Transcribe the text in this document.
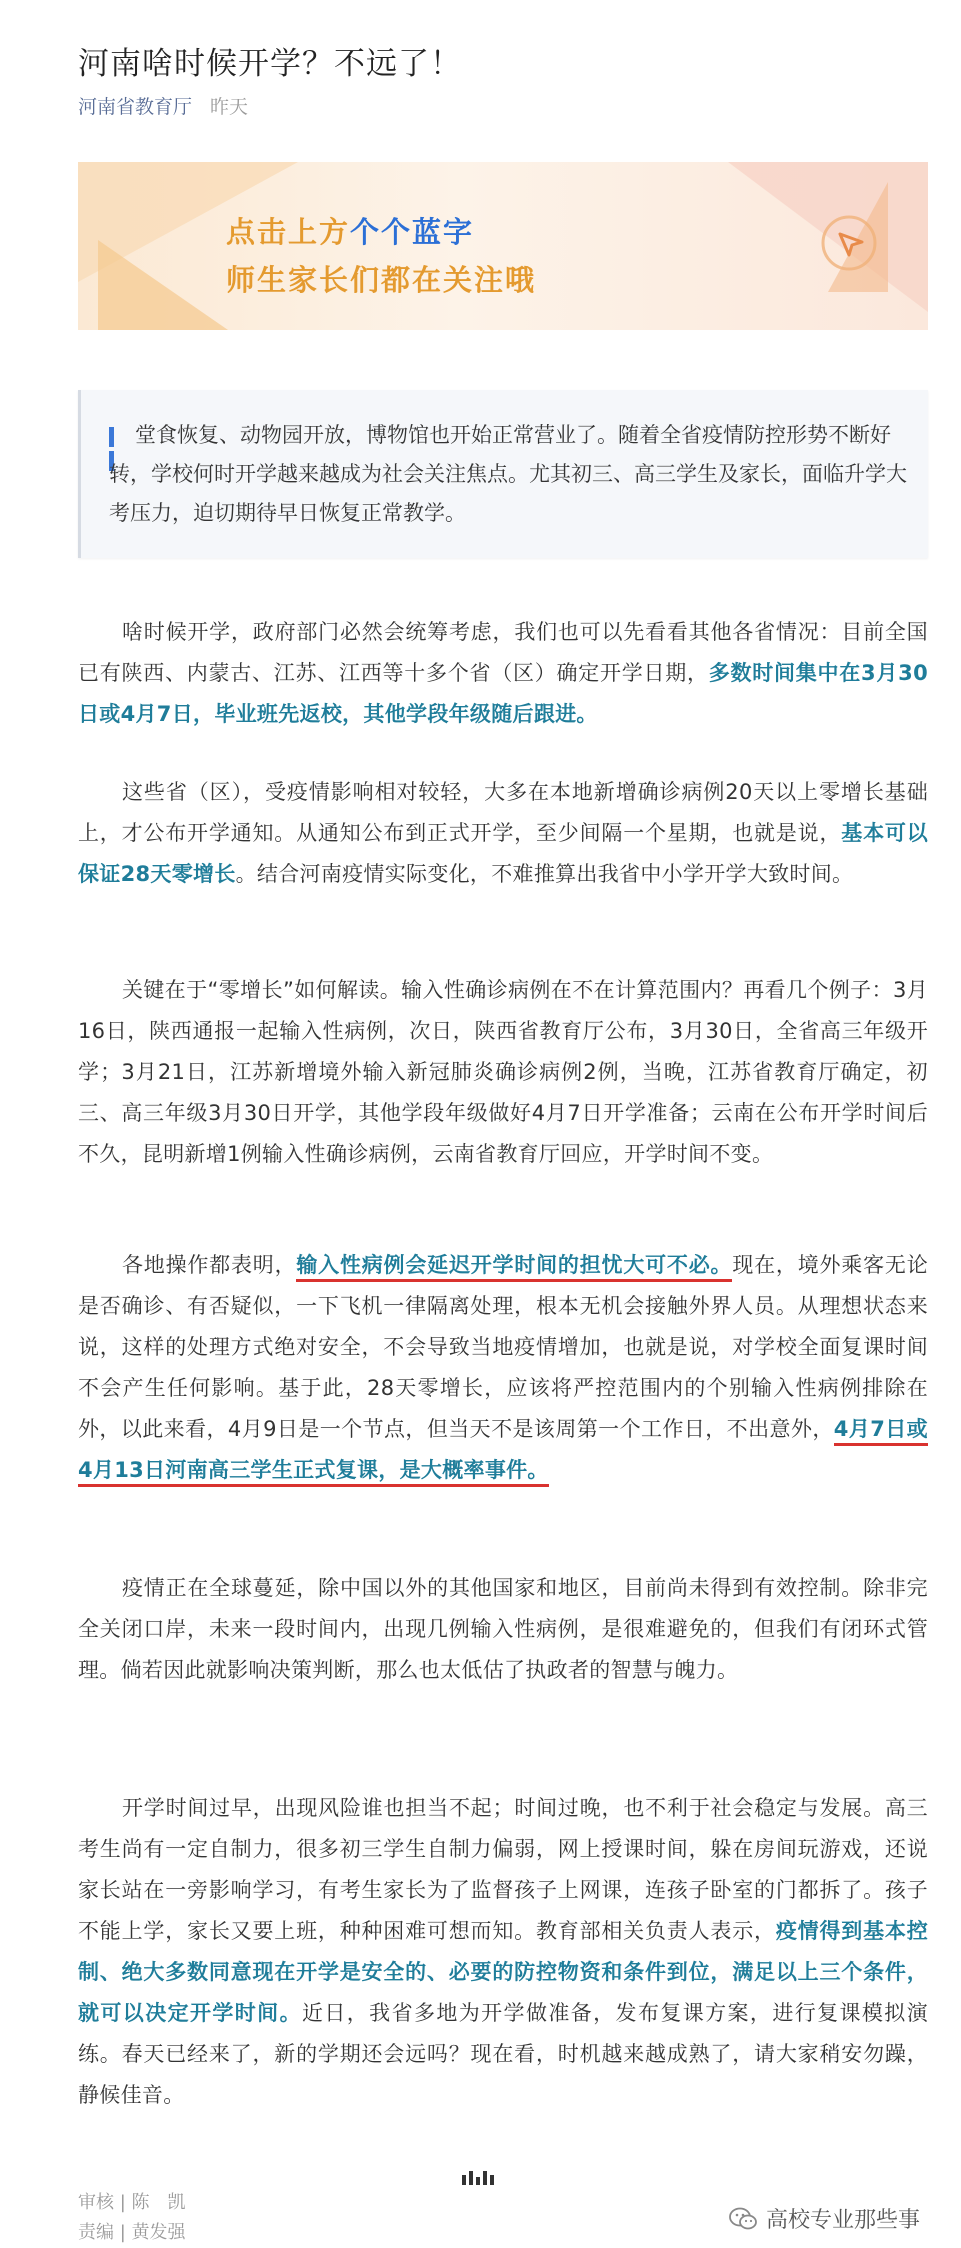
河南啥时候开学？不远了！
河南省教育厅 昨天
点击上方个个蓝字
师生家长们都在关注哦

堂食恢复、动物园开放，博物馆也开始正常营业了。随着全省疫情防控形势不断好转，学校何时开学越来越成为社会关注焦点。尤其初三、高三学生及家长，面临升学大考压力，迫切期待早日恢复正常教学。

啥时候开学，政府部门必然会统筹考虑，我们也可以先看看其他各省情况：目前全国已有陕西、内蒙古、江苏、江西等十多个省（区）确定开学日期，多数时间集中在3月30日或4月7日，毕业班先返校，其他学段年级随后跟进。

这些省（区），受疫情影响相对较轻，大多在本地新增确诊病例20天以上零增长基础上，才公布开学通知。从通知公布到正式开学，至少间隔一个星期，也就是说，基本可以保证28天零增长。结合河南疫情实际变化，不难推算出我省中小学开学大致时间。

关键在于“零增长”如何解读。输入性确诊病例在不在计算范围内？再看几个例子：3月16日，陕西通报一起输入性病例，次日，陕西省教育厅公布，3月30日，全省高三年级开学；3月21日，江苏新增境外输入新冠肺炎确诊病例2例，当晚，江苏省教育厅确定，初三、高三年级3月30日开学，其他学段年级做好4月7日开学准备；云南在公布开学时间后不久，昆明新增1例输入性确诊病例，云南省教育厅回应，开学时间不变。

各地操作都表明，输入性病例会延迟开学时间的担忧大可不必。现在，境外乘客无论是否确诊、有否疑似，一下飞机一律隔离处理，根本无机会接触外界人员。从理想状态来说，这样的处理方式绝对安全，不会导致当地疫情增加，也就是说，对学校全面复课时间不会产生任何影响。基于此，28天零增长，应该将严控范围内的个别输入性病例排除在外，以此来看，4月9日是一个节点，但当天不是该周第一个工作日，不出意外，4月7日或4月13日河南高三学生正式复课，是大概率事件。

疫情正在全球蔓延，除中国以外的其他国家和地区，目前尚未得到有效控制。除非完全关闭口岸，未来一段时间内，出现几例输入性病例，是很难避免的，但我们有闭环式管理。倘若因此就影响决策判断，那么也太低估了执政者的智慧与魄力。

开学时间过早，出现风险谁也担当不起；时间过晚，也不利于社会稳定与发展。高三考生尚有一定自制力，很多初三学生自制力偏弱，网上授课时间，躲在房间玩游戏，还说家长站在一旁影响学习，有考生家长为了监督孩子上网课，连孩子卧室的门都拆了。孩子不能上学，家长又要上班，种种困难可想而知。教育部相关负责人表示，疫情得到基本控制、绝大多数同意现在开学是安全的、必要的防控物资和条件到位，满足以上三个条件，就可以决定开学时间。近日，我省多地为开学做准备，发布复课方案，进行复课模拟演练。春天已经来了，新的学期还会远吗？现在看，时机越来越成熟了，请大家稍安勿躁，静候佳音。

审核 | 陈　凯
责编 | 黄发强	高校专业那些事
